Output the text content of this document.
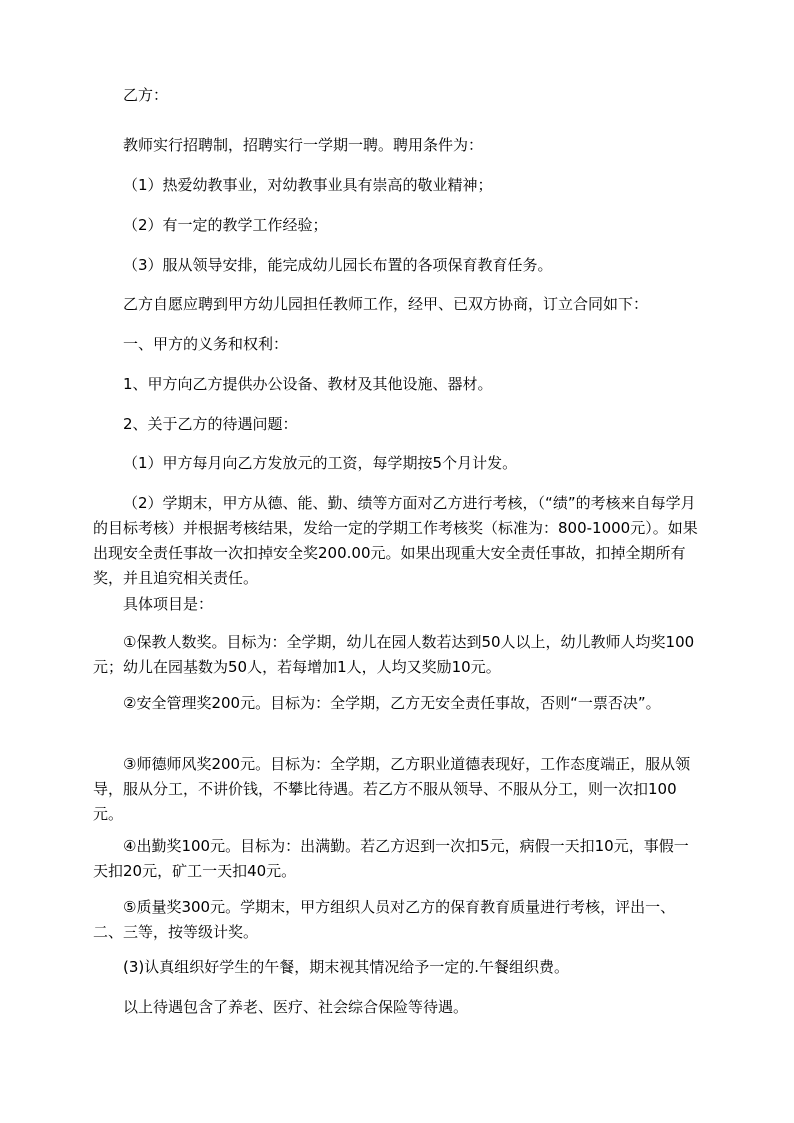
乙方：

教师实行招聘制，招聘实行一学期一聘。聘用条件为：

（1）热爱幼教事业，对幼教事业具有崇高的敬业精神；

（2）有一定的教学工作经验；

（3）服从领导安排，能完成幼儿园长布置的各项保育教育任务。

乙方自愿应聘到甲方幼儿园担任教师工作，经甲、已双方协商，订立合同如下：

一、甲方的义务和权利：

1、甲方向乙方提供办公设备、教材及其他设施、器材。

2、关于乙方的待遇问题：

（1）甲方每月向乙方发放元的工资，每学期按5个月计发。

（2）学期末，甲方从德、能、勤、绩等方面对乙方进行考核，（“绩”的考核来自每学月的目标考核）并根据考核结果，发给一定的学期工作考核奖（标准为：800-1000元）。如果出现安全责任事故一次扣掉安全奖200.00元。如果出现重大安全责任事故，扣掉全期所有奖，并且追究相关责任。

具体项目是：

①保教人数奖。目标为：全学期，幼儿在园人数若达到50人以上，幼儿教师人均奖100元；幼儿在园基数为50人，若每增加1人，人均又奖励10元。

②安全管理奖200元。目标为：全学期，乙方无安全责任事故，否则“一票否决”。

③师德师风奖200元。目标为：全学期，乙方职业道德表现好，工作态度端正，服从领导，服从分工，不讲价钱，不攀比待遇。若乙方不服从领导、不服从分工，则一次扣100元。

④出勤奖100元。目标为：出满勤。若乙方迟到一次扣5元，病假一天扣10元，事假一天扣20元，矿工一天扣40元。

⑤质量奖300元。学期末，甲方组织人员对乙方的保育教育质量进行考核，评出一、二、三等，按等级计奖。

(3)认真组织好学生的午餐，期末视其情况给予一定的.午餐组织费。

以上待遇包含了养老、医疗、社会综合保险等待遇。
